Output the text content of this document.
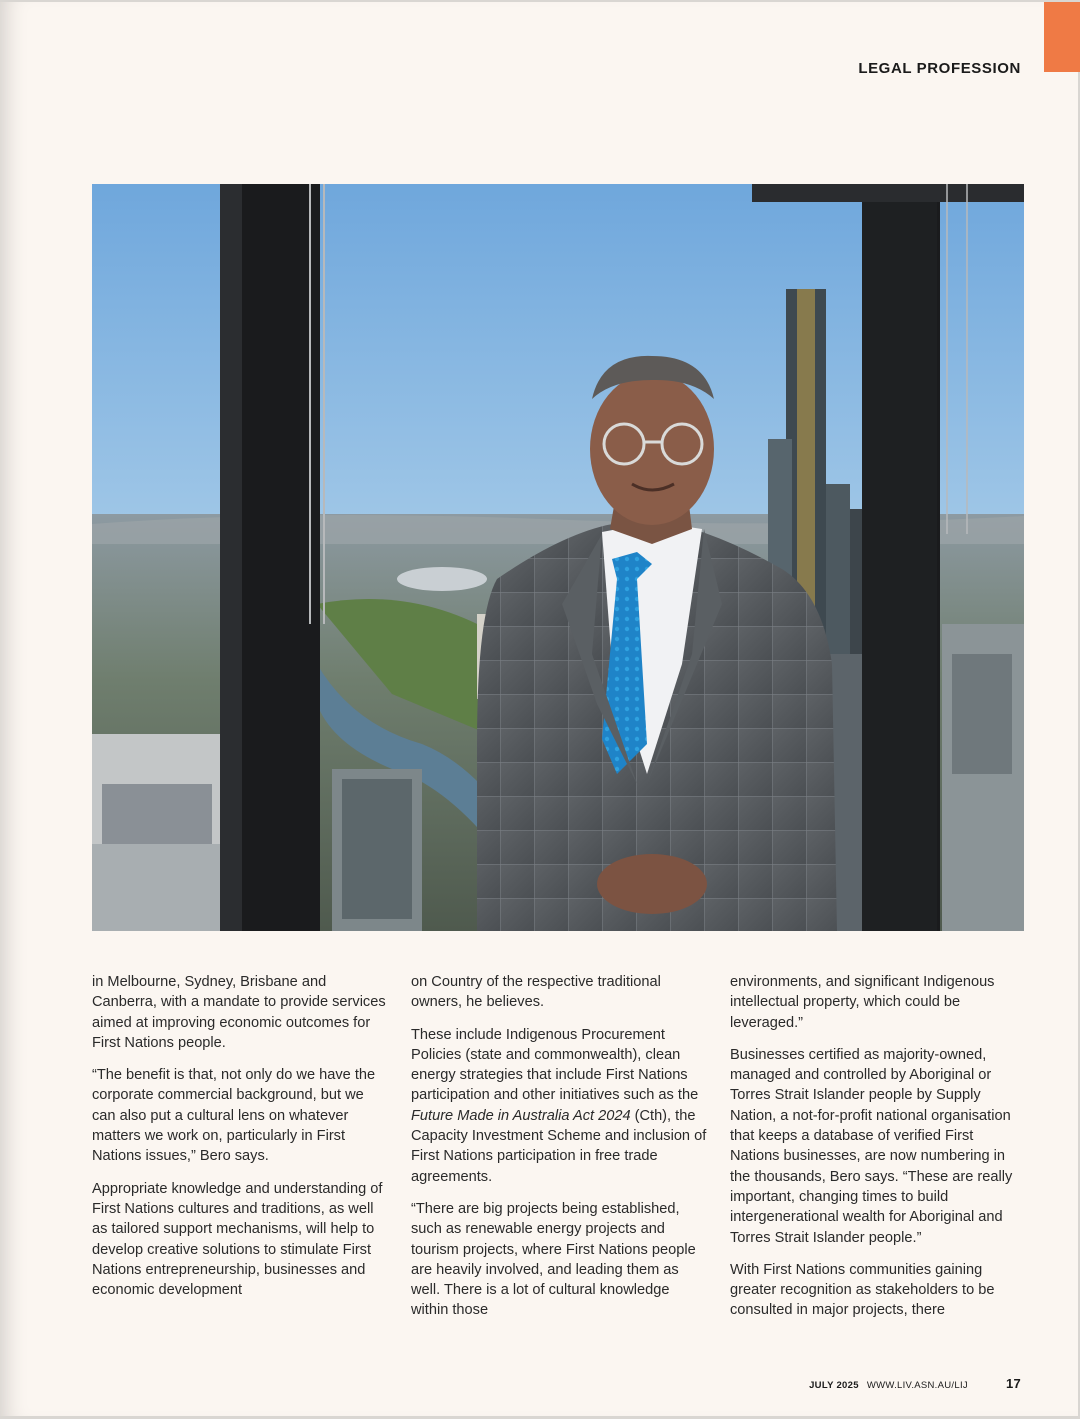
LEGAL PROFESSION

in Melbourne, Sydney, Brisbane and Canberra, with a mandate to provide services aimed at improving economic outcomes for First Nations people.

“The benefit is that, not only do we have the corporate commercial background, but we can also put a cultural lens on whatever matters we work on, particularly in First Nations issues,” Bero says.

Appropriate knowledge and understanding of First Nations cultures and traditions, as well as tailored support mechanisms, will help to develop creative solutions to stimulate First Nations entrepreneurship, businesses and economic development

on Country of the respective traditional owners, he believes.

These include Indigenous Procurement Policies (state and commonwealth), clean energy strategies that include First Nations participation and other initiatives such as the Future Made in Australia Act 2024 (Cth), the Capacity Investment Scheme and inclusion of First Nations participation in free trade agreements.

“There are big projects being established, such as renewable energy projects and tourism projects, where First Nations people are heavily involved, and leading them as well. There is a lot of cultural knowledge within those

environments, and significant Indigenous intellectual property, which could be leveraged.”

Businesses certified as majority-owned, managed and controlled by Aboriginal or Torres Strait Islander people by Supply Nation, a not-for-profit national organisation that keeps a database of verified First Nations businesses, are now numbering in the thousands, Bero says. “These are really important, changing times to build intergenerational wealth for Aboriginal and Torres Strait Islander people.”

With First Nations communities gaining greater recognition as stakeholders to be consulted in major projects, there

JULY 2025 WWW.LIV.ASN.AU/LIJ	17
